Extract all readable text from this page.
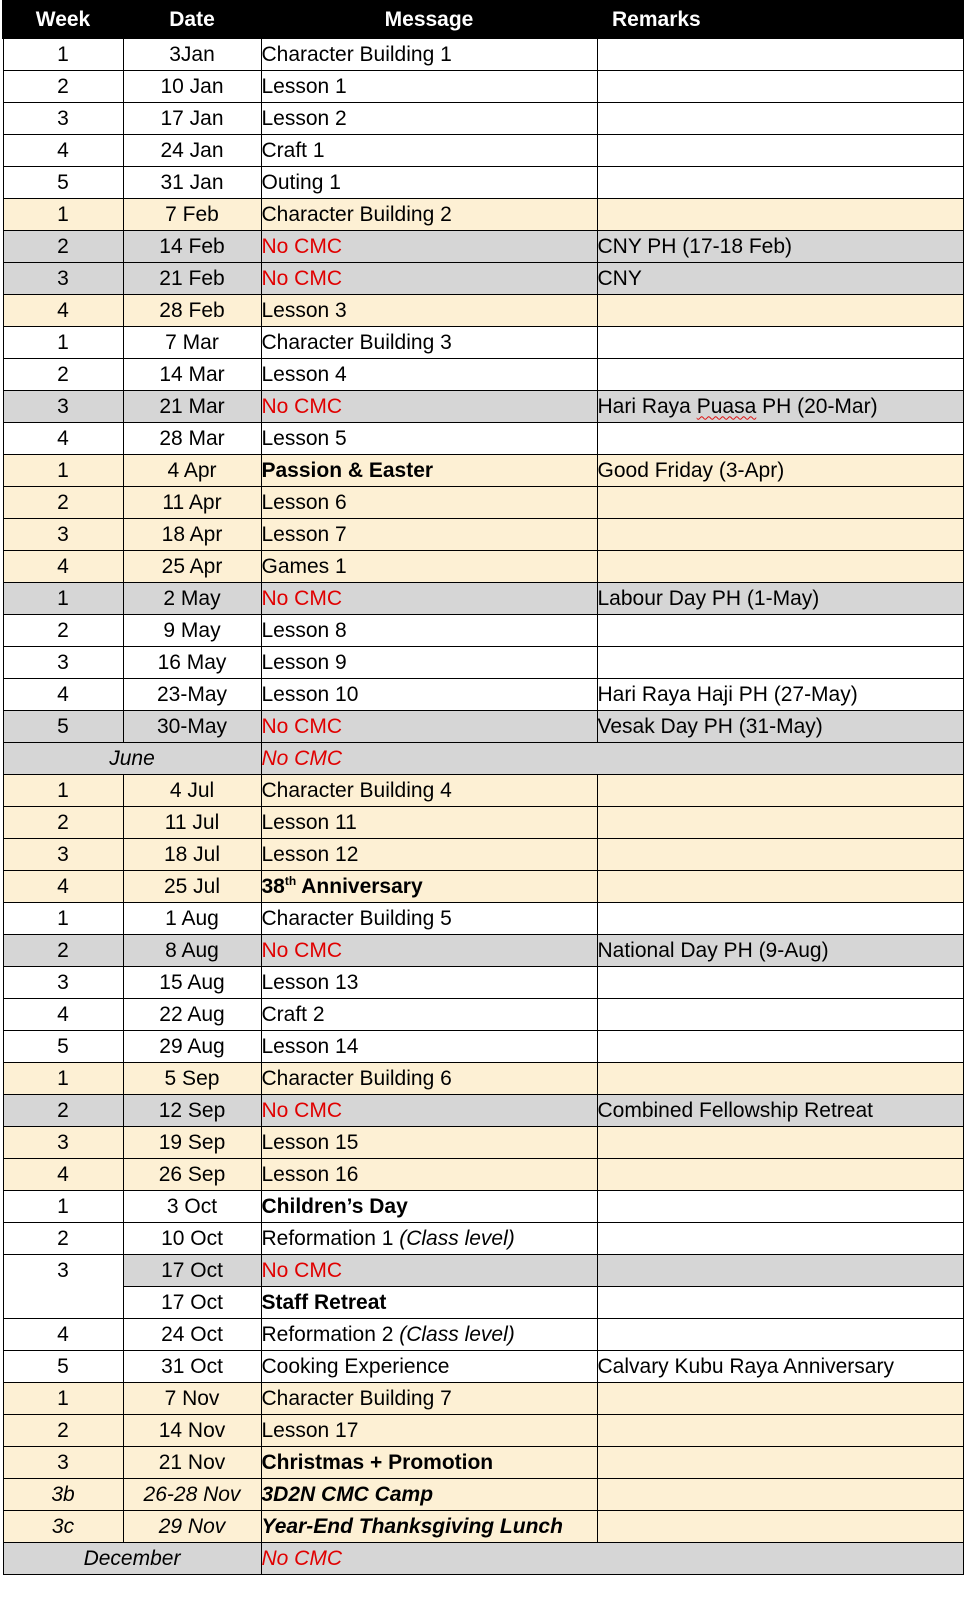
Week	Date	Message	Remarks
1	3Jan	Character Building 1	
2	10 Jan	Lesson 1	
3	17 Jan	Lesson 2	
4	24 Jan	Craft 1	
5	31 Jan	Outing 1	
1	7 Feb	Character Building 2	
2	14 Feb	No CMC	CNY PH (17-18 Feb)
3	21 Feb	No CMC	CNY
4	28 Feb	Lesson 3	
1	7 Mar	Character Building 3	
2	14 Mar	Lesson 4	
3	21 Mar	No CMC	Hari Raya Puasa PH (20-Mar)
4	28 Mar	Lesson 5	
1	4 Apr	Passion & Easter	Good Friday (3-Apr)
2	11 Apr	Lesson 6	
3	18 Apr	Lesson 7	
4	25 Apr	Games 1	
1	2 May	No CMC	Labour Day PH (1-May)
2	9 May	Lesson 8	
3	16 May	Lesson 9	
4	23-May	Lesson 10	Hari Raya Haji PH (27-May)
5	30-May	No CMC	Vesak Day PH (31-May)
June		No CMC	
1	4 Jul	Character Building 4	
2	11 Jul	Lesson 11	
3	18 Jul	Lesson 12	
4	25 Jul	38th Anniversary	
1	1 Aug	Character Building 5	
2	8 Aug	No CMC	National Day PH (9-Aug)
3	15 Aug	Lesson 13	
4	22 Aug	Craft 2	
5	29 Aug	Lesson 14	
1	5 Sep	Character Building 6	
2	12 Sep	No CMC	Combined Fellowship Retreat
3	19 Sep	Lesson 15	
4	26 Sep	Lesson 16	
1	3 Oct	Children’s Day	
2	10 Oct	Reformation 1 (Class level)	
3	17 Oct	No CMC	
	17 Oct	Staff Retreat	
4	24 Oct	Reformation 2 (Class level)	
5	31 Oct	Cooking Experience	Calvary Kubu Raya Anniversary
1	7 Nov	Character Building 7	
2	14 Nov	Lesson 17	
3	21 Nov	Christmas + Promotion	
3b	26-28 Nov	3D2N CMC Camp	
3c	29 Nov	Year-End Thanksgiving Lunch	
December		No CMC	
